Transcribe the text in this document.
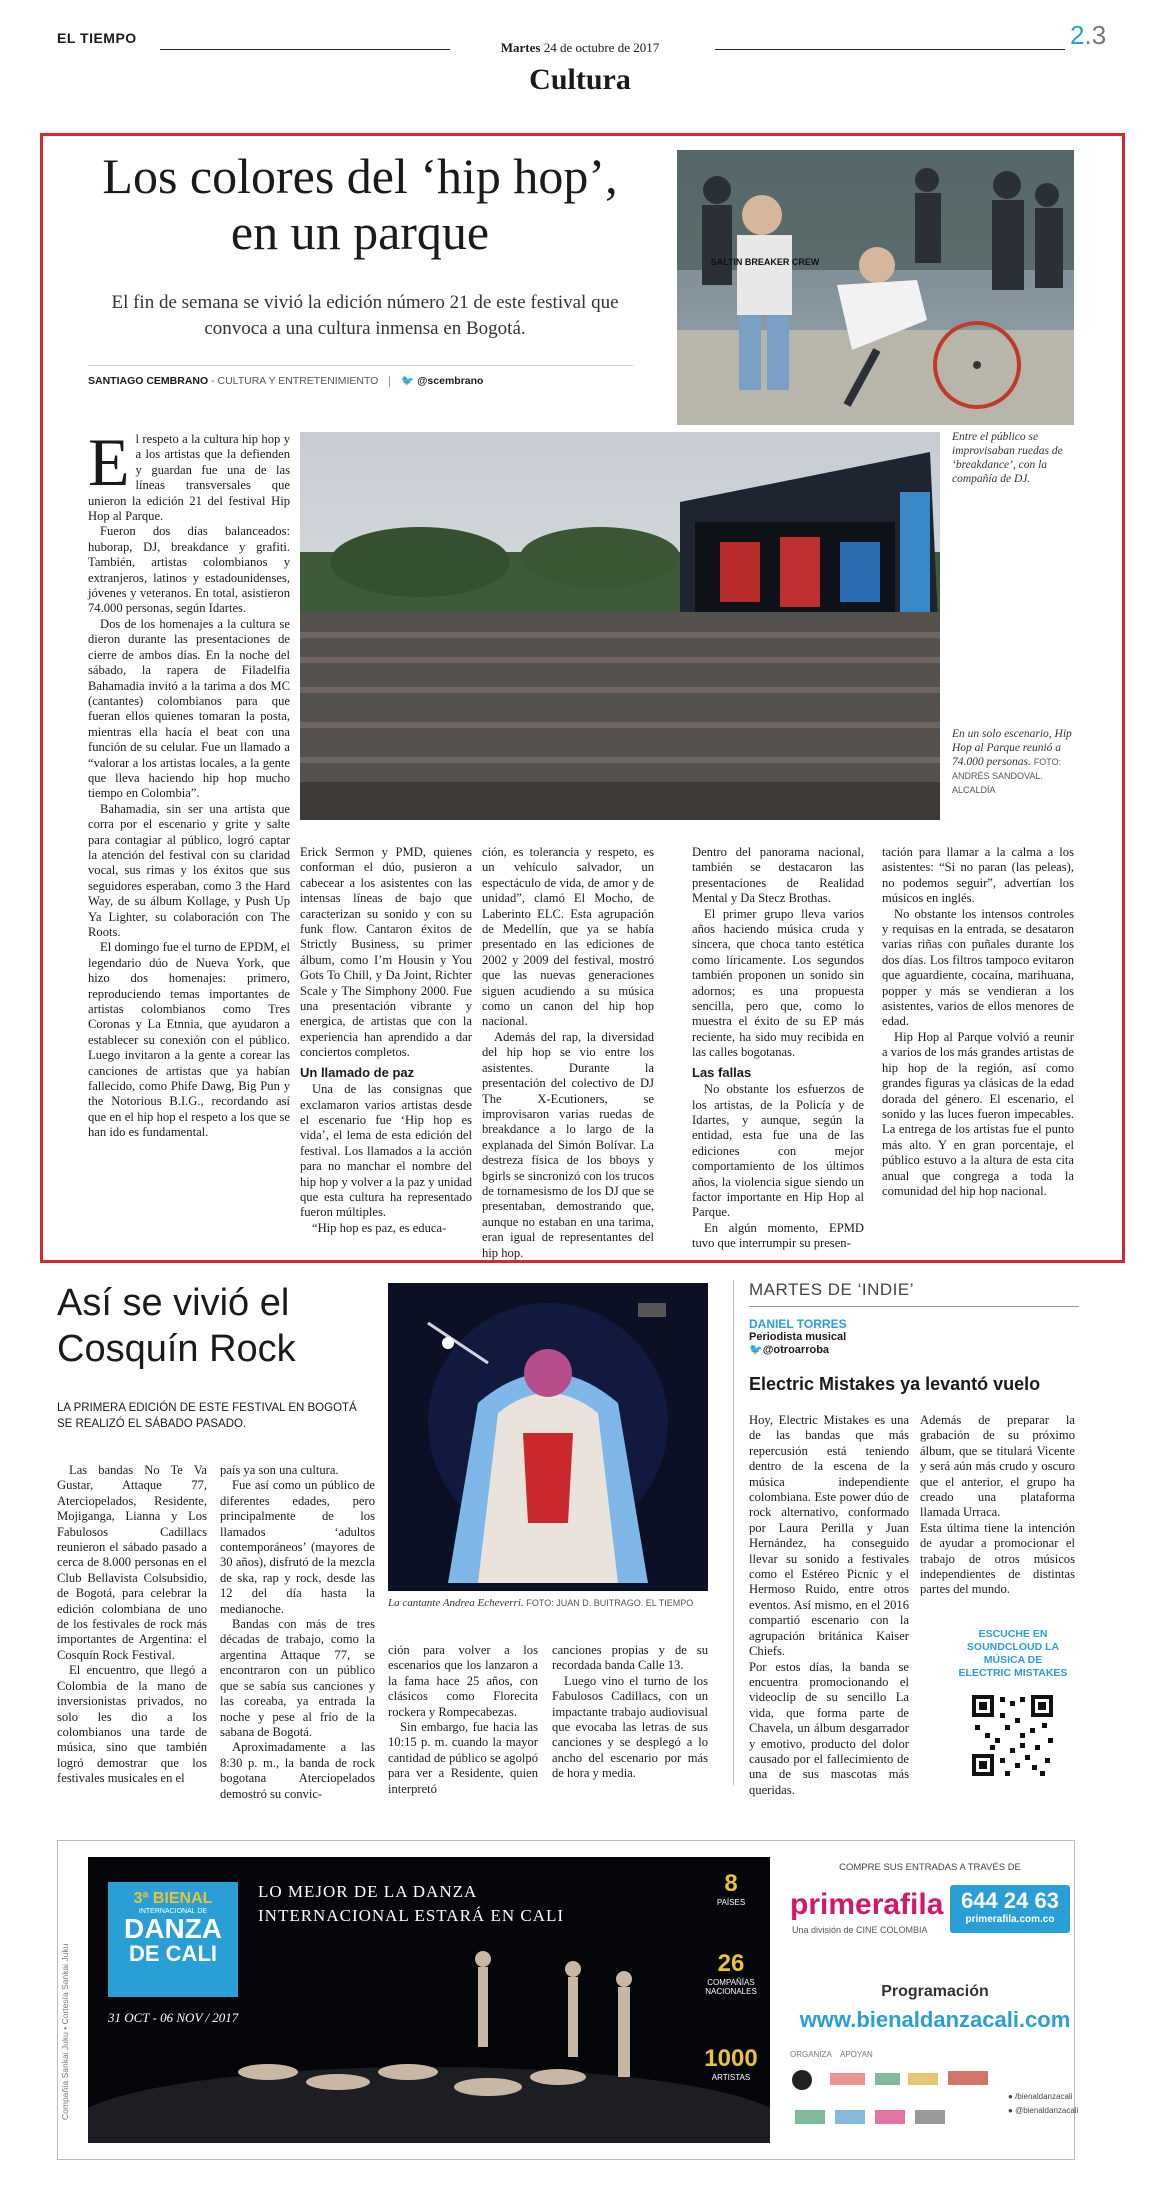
EL TIEMPO
Martes 24 de octubre de 2017
Cultura
2.3
Los colores del ‘hip hop’, en un parque
El fin de semana se vivió la edición número 21 de este festival que convoca a una cultura inmensa en Bogotá.
SANTIAGO CEMBRANO - CULTURA Y ENTRETENIMIENTO 🐦 @scembrano
SALTIN BREAKER CREW
Entre el público se improvisaban ruedas de ‘breakdance’, con la compañía de DJ.
En un solo escenario, Hip Hop al Parque reunió a 74.000 personas. FOTO: ANDRÉS SANDOVAL. ALCALDÍA
E l respeto a la cultura hip hop y a los artistas que la defienden y guardan fue una de las líneas transversales que unieron la edición 21 del festival Hip Hop al Parque.

Fueron dos días balanceados: huborap, DJ, breakdance y grafiti. También, artistas colombianos y extranjeros, latinos y estadounidenses, jóvenes y veteranos. En total, asistieron 74.000 personas, según Idartes.

Dos de los homenajes a la cultura se dieron durante las presentaciones de cierre de ambos días. En la noche del sábado, la rapera de Filadelfia Bahamadia invitó a la tarima a dos MC (cantantes) colombianos para que fueran ellos quienes tomaran la posta, mientras ella hacía el beat con una función de su celular. Fue un llamado a “valorar a los artistas locales, a la gente que lleva haciendo hip hop mucho tiempo en Colombia”.

Bahamadia, sin ser una artista que corra por el escenario y grite y salte para contagiar al público, logró captar la atención del festival con su claridad vocal, sus rimas y los éxitos que sus seguidores esperaban, como 3 the Hard Way, de su álbum Kollage, y Push Up Ya Lighter, su colaboración con The Roots.

El domingo fue el turno de EPDM, el legendario dúo de Nueva York, que hizo dos homenajes: primero, reproduciendo temas importantes de artistas colombianos como Tres Coronas y La Etnnia, que ayudaron a establecer su conexión con el público. Luego invitaron a la gente a corear las canciones de artistas que ya habían fallecido, como Phife Dawg, Big Pun y the Notorious B.I.G., recordando así que en el hip hop el respeto a los que se han ido es fundamental.

Erick Sermon y PMD, quienes conforman el dúo, pusieron a cabecear a los asistentes con las intensas líneas de bajo que caracterizan su sonido y con su funk flow. Cantaron éxitos de Strictly Business, su primer álbum, como I’m Housin y You Gots To Chill, y Da Joint, Richter Scale y The Simphony 2000. Fue una presentación vibrante y energica, de artistas que con la experiencia han aprendido a dar conciertos completos.

Un llamado de paz

Una de las consignas que exclamaron varios artistas desde el escenario fue ‘Hip hop es vida’, el lema de esta edición del festival. Los llamados a la acción para no manchar el nombre del hip hop y volver a la paz y unidad que esta cultura ha representado fueron múltiples.

“Hip hop es paz, es educa-

ción, es tolerancia y respeto, es un vehículo salvador, un espectáculo de vida, de amor y de unidad”, clamó El Mocho, de Laberinto ELC. Esta agrupación de Medellín, que ya se había presentado en las ediciones de 2002 y 2009 del festival, mostró que las nuevas generaciones siguen acudiendo a su música como un canon del hip hop nacional.

Además del rap, la diversidad del hip hop se vio entre los asistentes. Durante la presentación del colectivo de DJ The X-Ecutioners, se improvisaron varias ruedas de breakdance a lo largo de la explanada del Simón Bolívar. La destreza física de los bboys y bgirls se sincronizó con los trucos de tornamesismo de los DJ que se presentaban, demostrando que, aunque no estaban en una tarima, eran igual de representantes del hip hop.

Dentro del panorama nacional, también se destacaron las presentaciones de Realidad Mental y Da Stecz Brothas.

El primer grupo lleva varios años haciendo música cruda y sincera, que choca tanto estética como líricamente. Los segundos también proponen un sonido sin adornos; es una propuesta sencilla, pero que, como lo muestra el éxito de su EP más reciente, ha sido muy recibida en las calles bogotanas.

Las fallas

No obstante los esfuerzos de los artistas, de la Policía y de Idartes, y aunque, según la entidad, esta fue una de las ediciones con mejor comportamiento de los últimos años, la violencia sigue siendo un factor importante en Hip Hop al Parque.

En algún momento, EPMD tuvo que interrumpir su presen-

tación para llamar a la calma a los asistentes: “Si no paran (las peleas), no podemos seguir”, advertían los músicos en inglés.

No obstante los intensos controles y requisas en la entrada, se desataron varias riñas con puñales durante los dos días. Los filtros tampoco evitaron que aguardiente, cocaína, marihuana, popper y más se vendieran a los asistentes, varios de ellos menores de edad.

Hip Hop al Parque volvió a reunir a varios de los más grandes artistas de hip hop de la región, así como grandes figuras ya clásicas de la edad dorada del género. El escenario, el sonido y las luces fueron impecables. La entrega de los artistas fue el punto más alto. Y en gran porcentaje, el público estuvo a la altura de esta cita anual que congrega a toda la comunidad del hip hop nacional.

Así se vivió el Cosquín Rock
LA PRIMERA EDICIÓN DE ESTE FESTIVAL EN BOGOTÁ SE REALIZÓ EL SÁBADO PASADO.
La cantante Andrea Echeverri. FOTO: JUAN D. BUITRAGO. EL TIEMPO

Las bandas No Te Va Gustar, Attaque 77, Aterciopelados, Residente, Mojiganga, Lianna y Los Fabulosos Cadillacs reunieron el sábado pasado a cerca de 8.000 personas en el Club Bellavista Colsubsidio, de Bogotá, para celebrar la edición colombiana de uno de los festivales de rock más importantes de Argentina: el Cosquín Rock Festival.

El encuentro, que llegó a Colombia de la mano de inversionistas privados, no solo les dio a los colombianos una tarde de música, sino que también logró demostrar que los festivales musicales en el

país ya son una cultura.

Fue así como un público de diferentes edades, pero principalmente de los llamados ‘adultos contemporáneos’ (mayores de 30 años), disfrutó de la mezcla de ska, rap y rock, desde las 12 del día hasta la medianoche.

Bandas con más de tres décadas de trabajo, como la argentina Attaque 77, se encontraron con un público que se sabía sus canciones y las coreaba, ya entrada la noche y pese al frío de la sabana de Bogotá.

Aproximadamente a las 8:30 p. m., la banda de rock bogotana Aterciopelados demostró su convic-

ción para volver a los escenarios que los lanzaron a la fama hace 25 años, con clásicos como Florecita rockera y Rompecabezas.

Sin embargo, fue hacia las 10:15 p. m. cuando la mayor cantidad de público se agolpó para ver a Residente, quien interpretó

canciones propias y de su recordada banda Calle 13.

Luego vino el turno de los Fabulosos Cadillacs, con un impactante trabajo audiovisual que evocaba las letras de sus canciones y se desplegó a lo ancho del escenario por más de hora y media.

MARTES DE ‘INDIE’
DANIEL TORRES
Periodista musical
🐦@otroarroba
Electric Mistakes ya levantó vuelo

Hoy, Electric Mistakes es una de las bandas que más repercusión está teniendo dentro de la escena de la música independiente colombiana. Este power dúo de rock alternativo, conformado por Laura Perilla y Juan Hernández, ha conseguido llevar su sonido a festivales como el Estéreo Picnic y el Hermoso Ruido, entre otros eventos. Así mismo, en el 2016 compartió escenario con la agrupación británica Kaiser Chiefs.

Por estos días, la banda se encuentra promocionando el videoclip de su sencillo La vida, que forma parte de Chavela, un álbum desgarrador y emotivo, producto del dolor causado por el fallecimiento de una de sus mascotas más queridas.

Además de preparar la grabación de su próximo álbum, que se titulará Vicente y será aún más crudo y oscuro que el anterior, el grupo ha creado una plataforma llamada Urraca.

Esta última tiene la intención de ayudar a promocionar el trabajo de otros músicos independientes de distintas partes del mundo.

ESCUCHE EN SOUNDCLOUD LA MÚSICA DE ELECTRIC MISTAKES
Compañía Sankai Juku • Cortesía Sankai Juku
3ª BIENAL
INTERNACIONAL DE
DANZA
DE CALI
31 OCT - 06 NOV / 2017
LO MEJOR DE LA DANZA
INTERNACIONAL ESTARÁ EN CALI
8
PAÍSES
26
COMPAÑÍAS NACIONALES
1000
ARTISTAS
COMPRE SUS ENTRADAS A TRAVÉS DE
primerafila
Una división de CINE COLOMBIA
644 24 63
primerafila.com.co
Programación
www.bienaldanzacali.com
ORGANIZA APOYAN
● /bienaldanzacali
● @bienaldanzacali
